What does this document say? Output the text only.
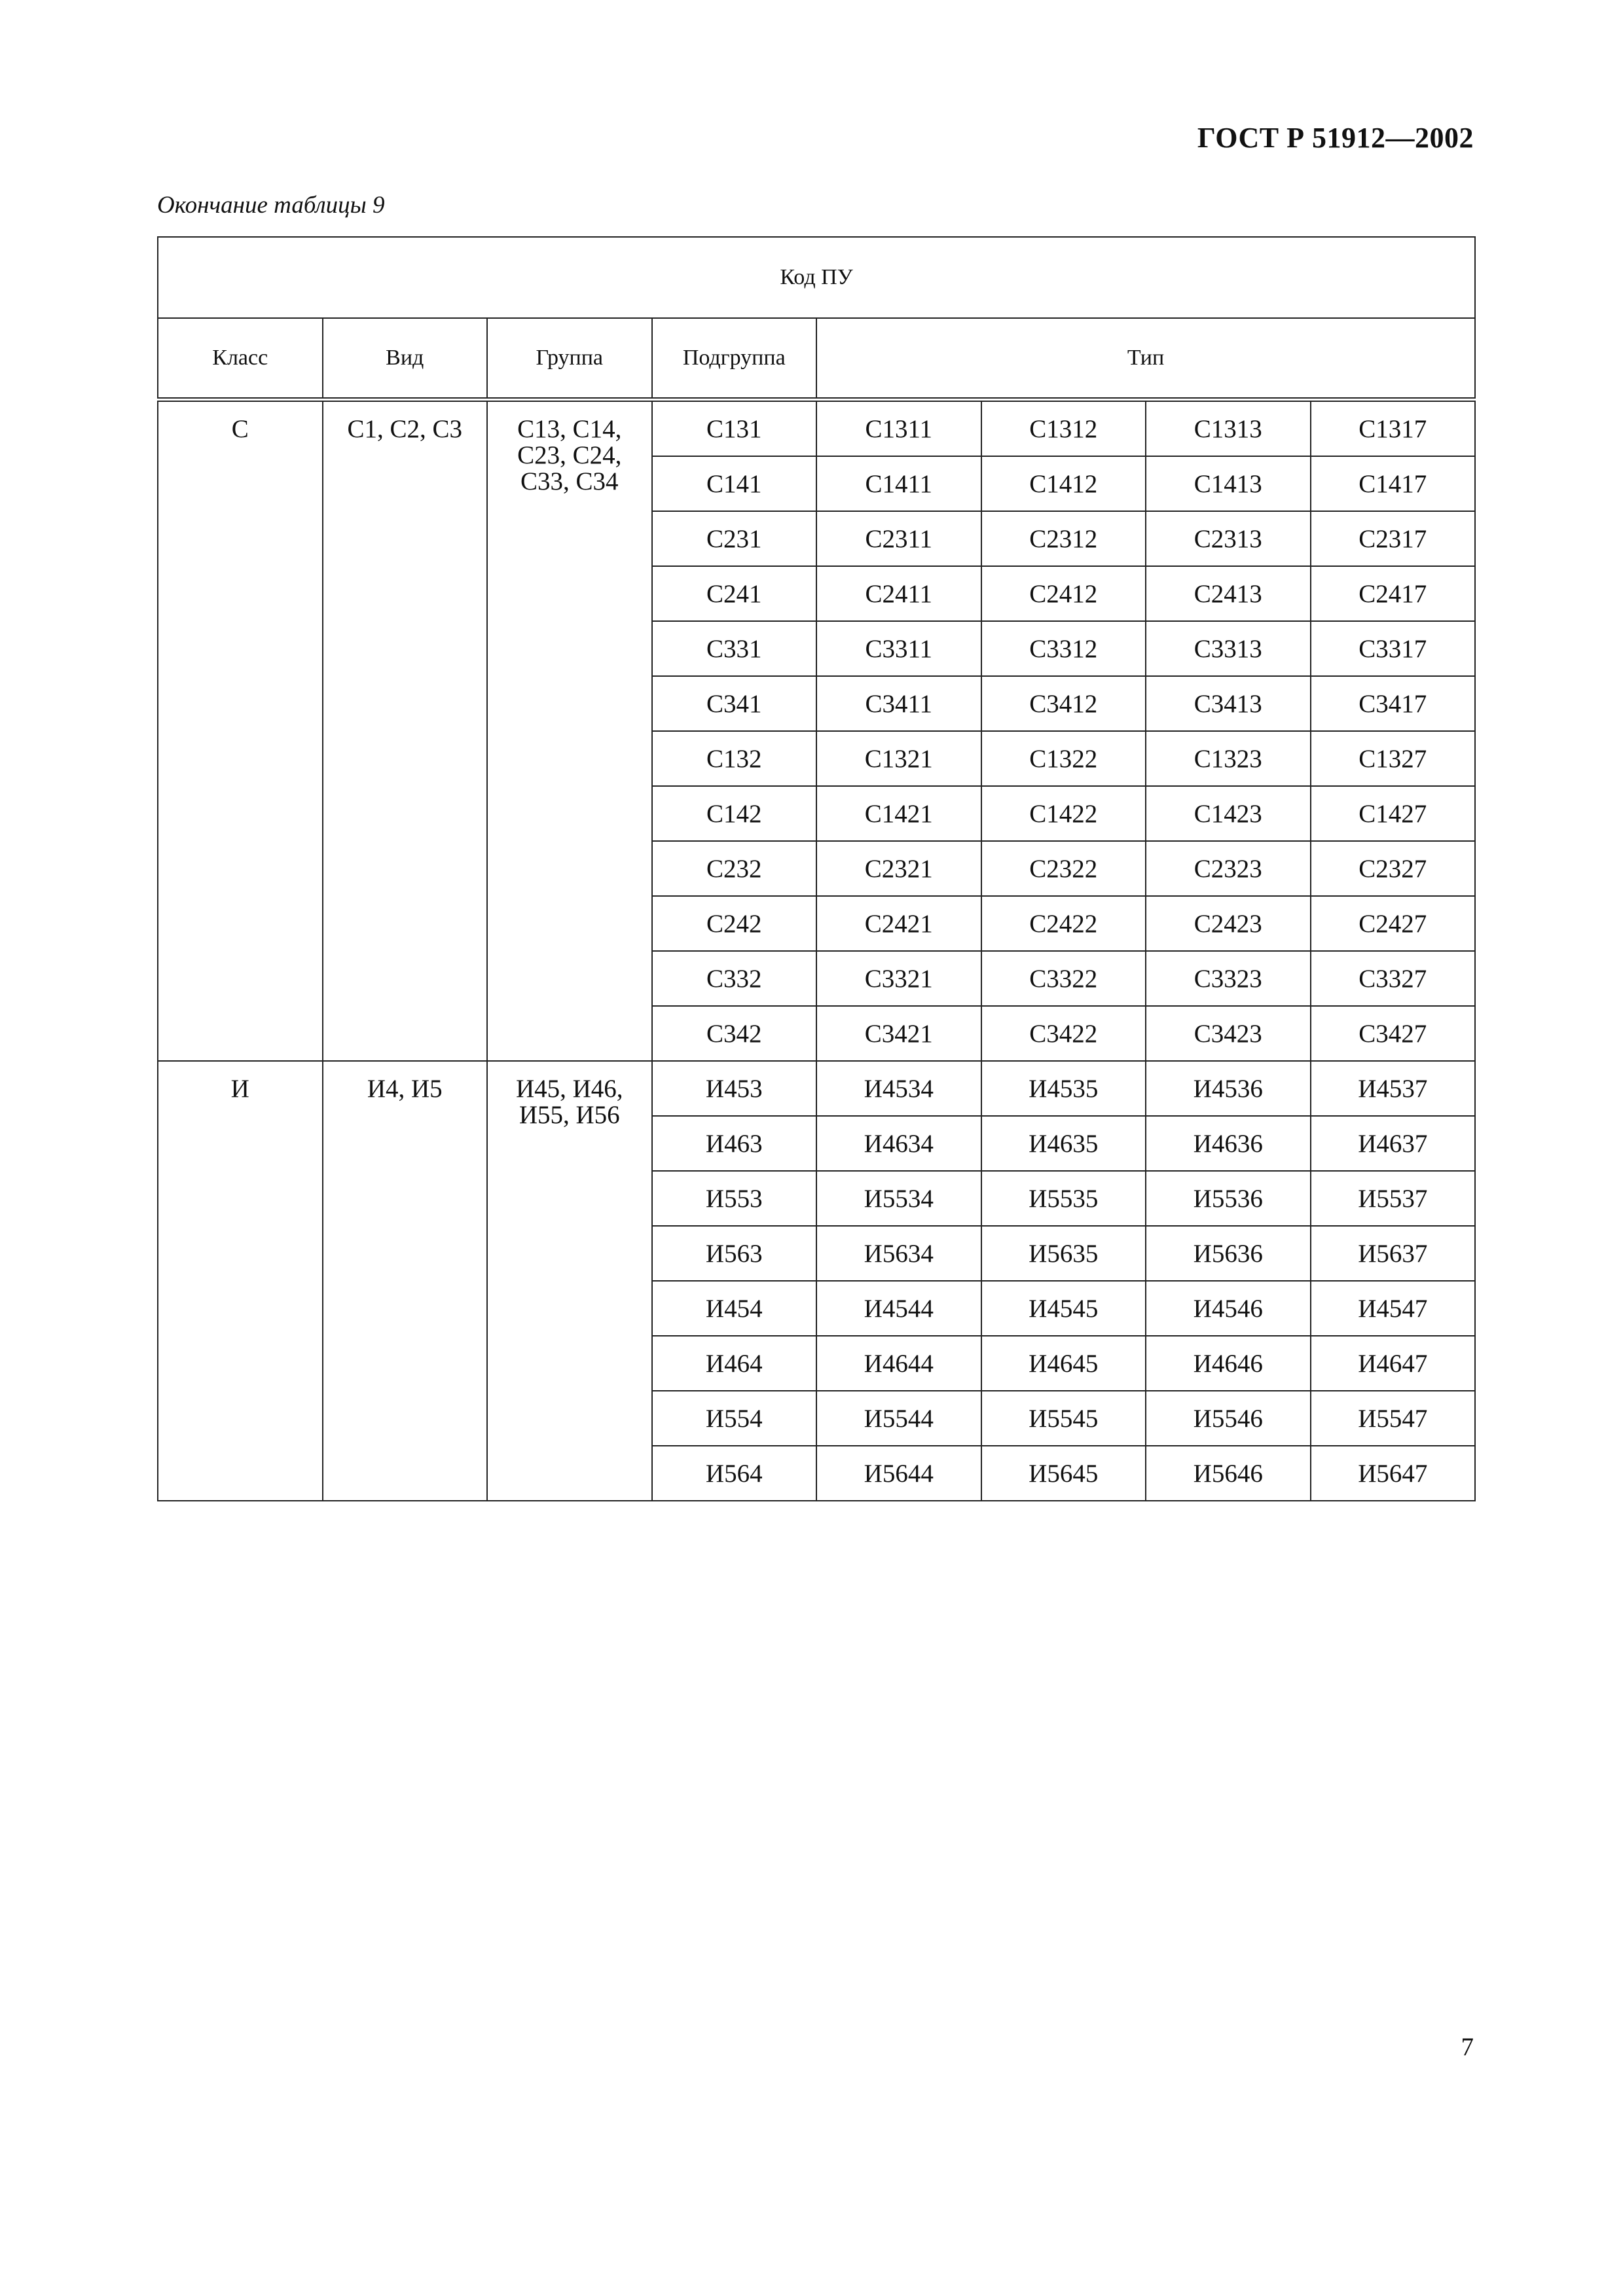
ГОСТ Р 51912—2002

Окончание таблицы 9

Код ПУ							
Класс	Вид	Группа	Подгруппа	Тип			
С	С1, С2, С3	С13, С14, С23, С24, С33, С34	С131	С1311	С1312	С1313	С1317
			С141	С1411	С1412	С1413	С1417
			С231	С2311	С2312	С2313	С2317
			С241	С2411	С2412	С2413	С2417
			С331	С3311	С3312	С3313	С3317
			С341	С3411	С3412	С3413	С3417
			С132	С1321	С1322	С1323	С1327
			С142	С1421	С1422	С1423	С1427
			С232	С2321	С2322	С2323	С2327
			С242	С2421	С2422	С2423	С2427
			С332	С3321	С3322	С3323	С3327
			С342	С3421	С3422	С3423	С3427
И	И4, И5	И45, И46, И55, И56	И453	И4534	И4535	И4536	И4537
			И463	И4634	И4635	И4636	И4637
			И553	И5534	И5535	И5536	И5537
			И563	И5634	И5635	И5636	И5637
			И454	И4544	И4545	И4546	И4547
			И464	И4644	И4645	И4646	И4647
			И554	И5544	И5545	И5546	И5547
			И564	И5644	И5645	И5646	И5647

7
